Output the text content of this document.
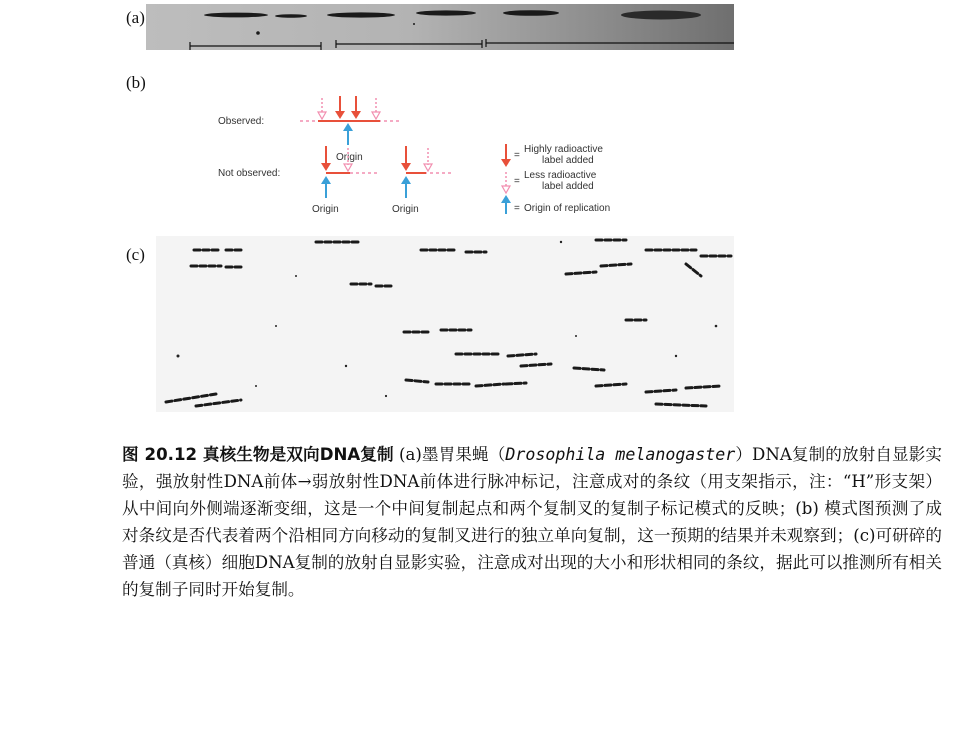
(a)
(b)
(c)
Observed:
Origin
Not observed:
Origin	Origin
=
Highly radioactive
label added
=
Less radioactive
label added
= Origin of replication
图 20.12 真核生物是双向DNA复制 (a)墨胃果蝇（Drosophila melanogaster）DNA复制的放射自显影实验，强放射性DNA前体→弱放射性DNA前体进行脉冲标记，注意成对的条纹（用支架指示，注：“H”形支架）从中间向外侧端逐渐变细，这是一个中间复制起点和两个复制叉的复制子标记模式的反映；(b) 模式图预测了成对条纹是否代表着两个沿相同方向移动的复制叉进行的独立单向复制，这一预期的结果并未观察到；(c)可研碎的普通（真核）细胞DNA复制的放射自显影实验，注意成对出现的大小和形状相同的条纹，据此可以推测所有相关的复制子同时开始复制。
